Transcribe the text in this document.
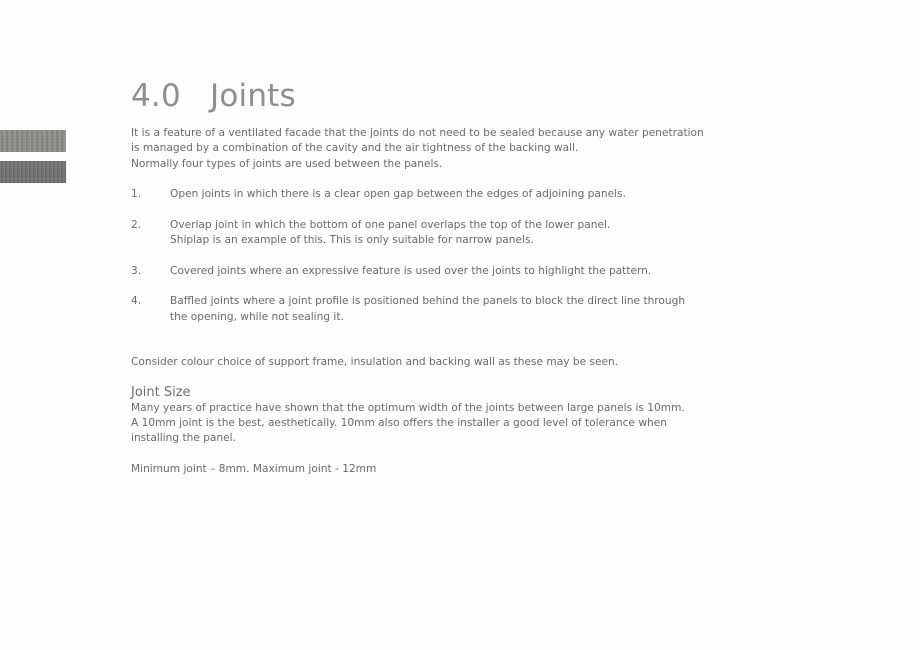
4.0 Joints

It is a feature of a ventilated facade that the joints do not need to be sealed because any water penetration

is managed by a combination of the cavity and the air tightness of the backing wall.

Normally four types of joints are used between the panels.

1.	Open joints in which there is a clear open gap between the edges of adjoining panels.
2.	Overlap joint in which the bottom of one panel overlaps the top of the lower panel.
Shiplap is an example of this. This is only suitable for narrow panels.
3.	Covered joints where an expressive feature is used over the joints to highlight the pattern.
4.	Baffled joints where a joint profile is positioned behind the panels to block the direct line through
the opening, while not sealing it.

Consider colour choice of support frame, insulation and backing wall as these may be seen.

Joint Size

Many years of practice have shown that the optimum width of the joints between large panels is 10mm.

A 10mm joint is the best, aesthetically. 10mm also offers the installer a good level of tolerance when

installing the panel.

Minimum joint – 8mm. Maximum joint - 12mm
